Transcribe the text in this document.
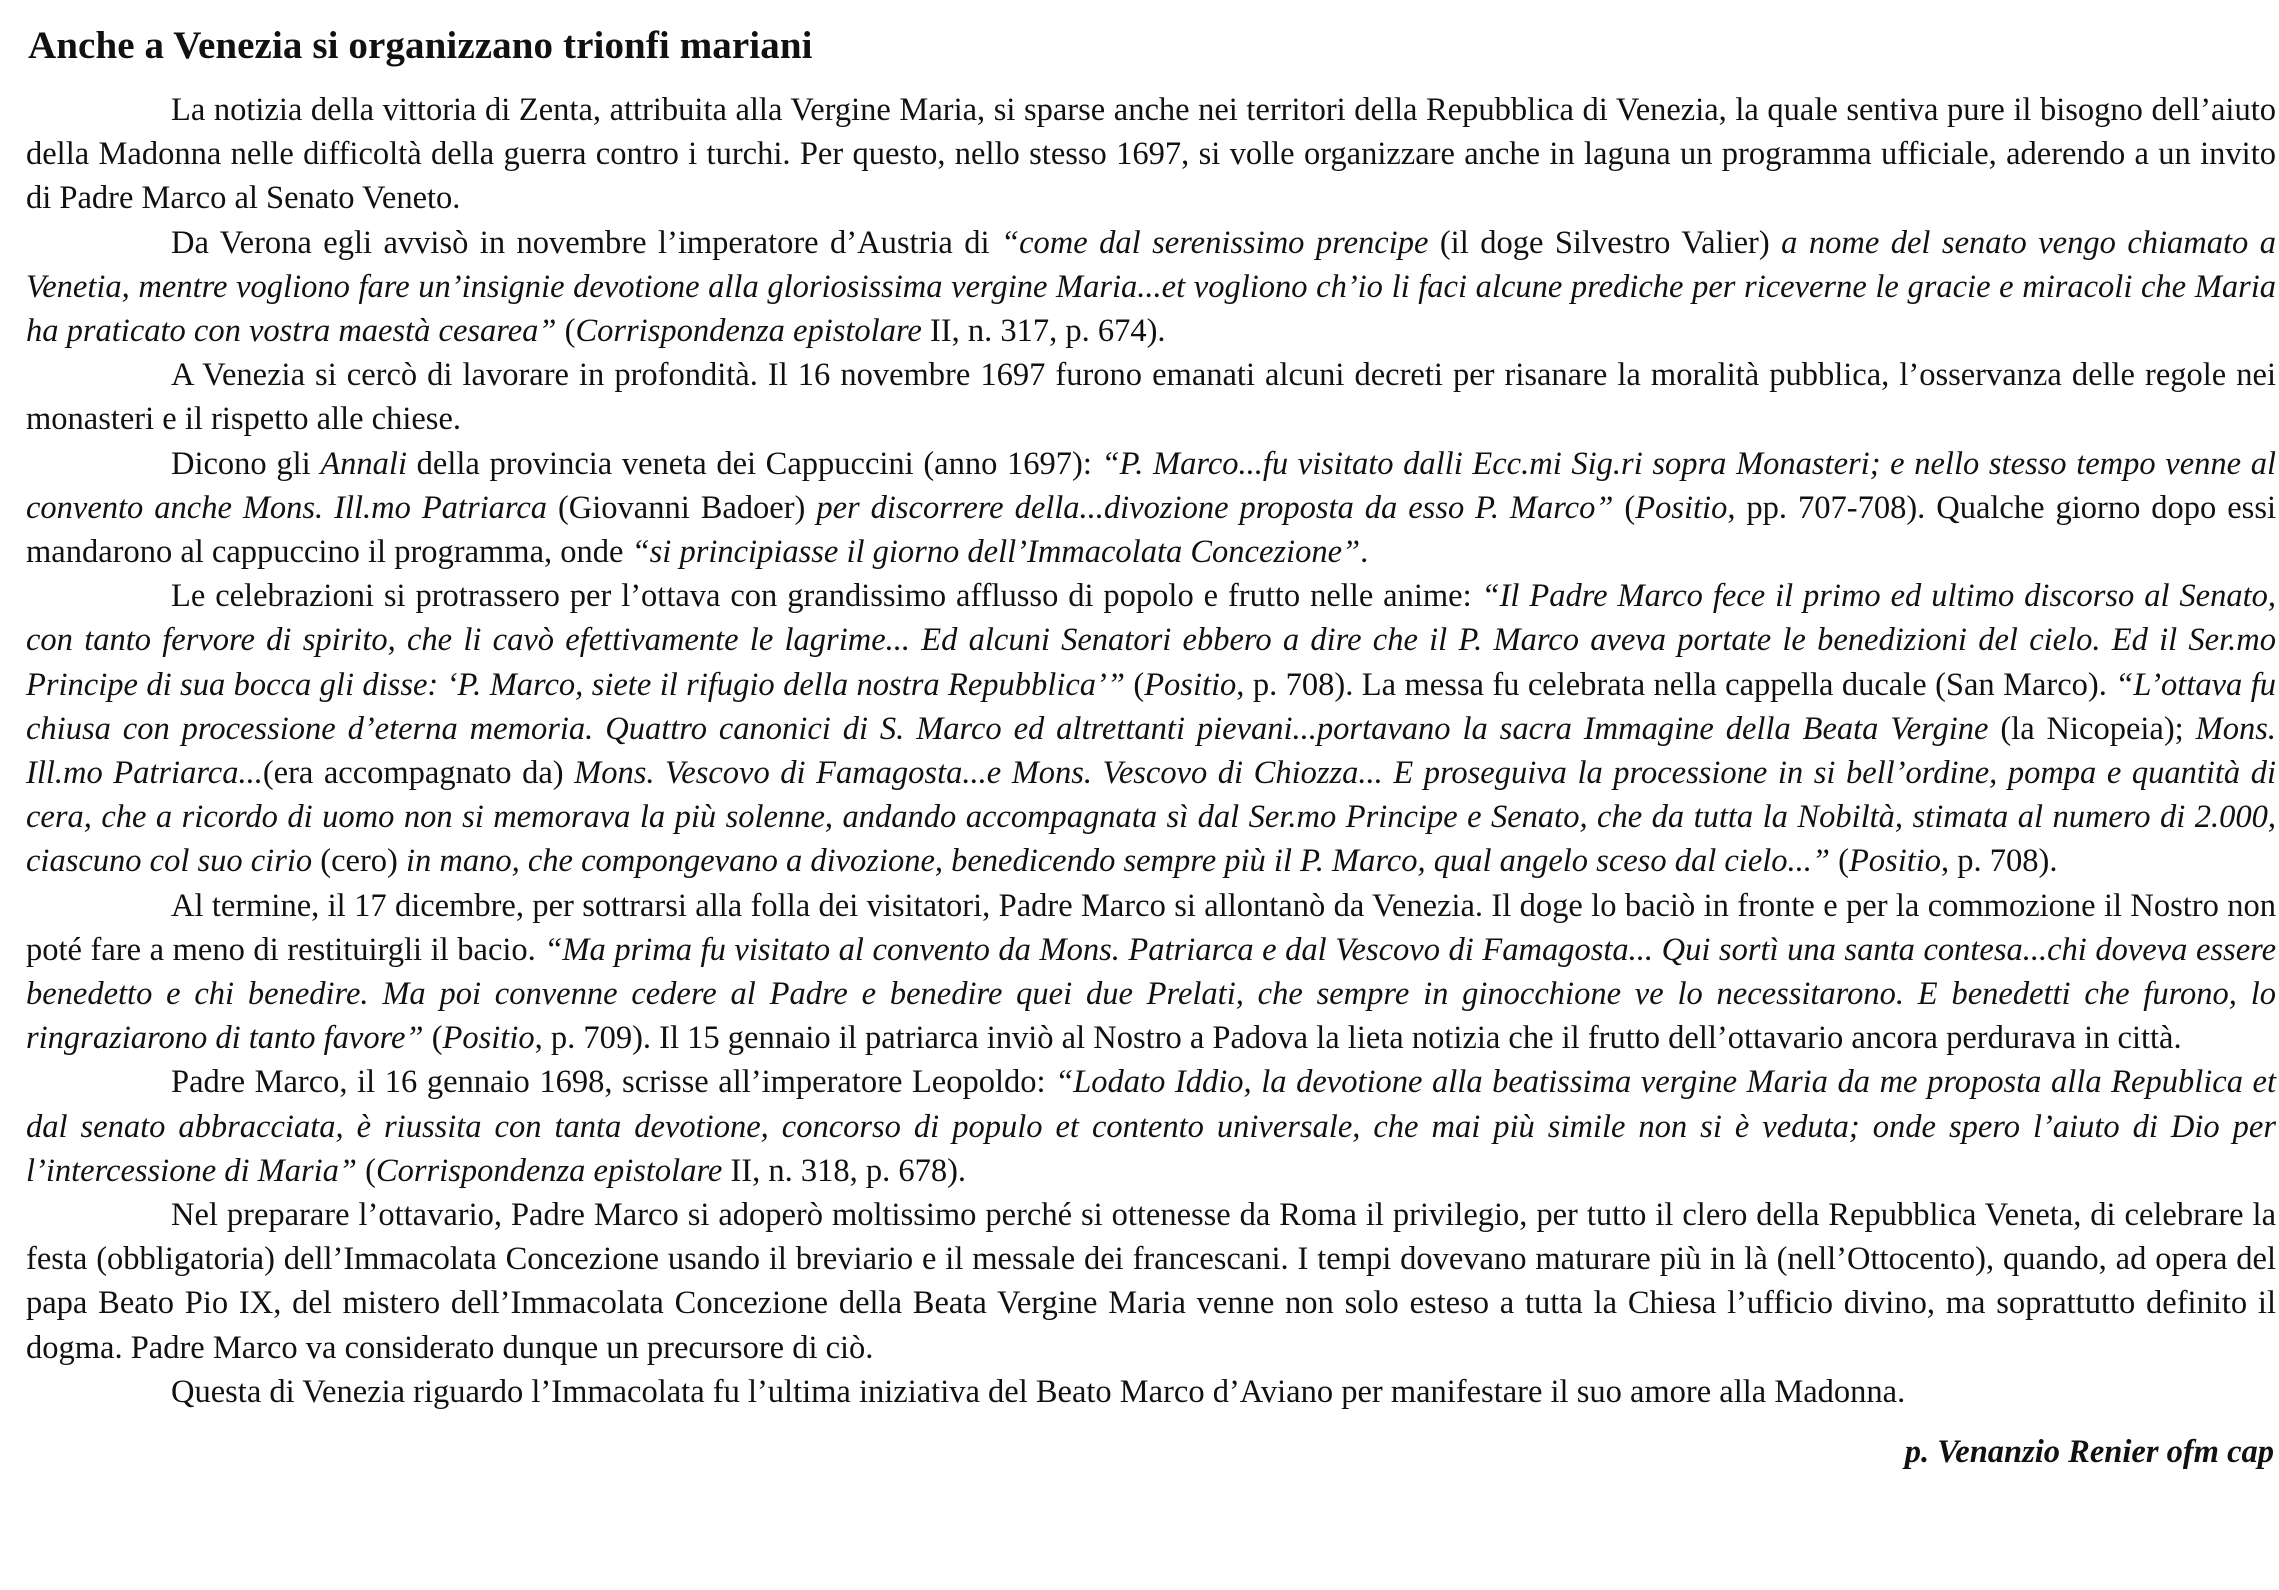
Anche a Venezia si organizzano trionfi mariani

La notizia della vittoria di Zenta, attribuita alla Vergine Maria, si sparse anche nei territori della Repubblica di Venezia, la quale sentiva pure il bisogno dell’aiuto della Madonna nelle difficoltà della guerra contro i turchi. Per questo, nello stesso 1697, si volle organizzare anche in laguna un programma ufficiale, aderendo a un invito di Padre Marco al Senato Veneto.

Da Verona egli avvisò in novembre l’imperatore d’Austria di “come dal serenissimo prencipe (il doge Silvestro Valier) a nome del senato vengo chiamato a Venetia, mentre vogliono fare un’insignie devotione alla gloriosissima vergine Maria...et vogliono ch’io li faci alcune prediche per riceverne le gracie e miracoli che Maria ha praticato con vostra maestà cesarea” (Corrispondenza epistolare II, n. 317, p. 674).

A Venezia si cercò di lavorare in profondità. Il 16 novembre 1697 furono emanati alcuni decreti per risanare la moralità pubblica, l’osservanza delle regole nei monasteri e il rispetto alle chiese.

Dicono gli Annali della provincia veneta dei Cappuccini (anno 1697): “P. Marco...fu visitato dalli Ecc.mi Sig.ri sopra Monasteri; e nello stesso tempo venne al convento anche Mons. Ill.mo Patriarca (Giovanni Badoer) per discorrere della...divozione proposta da esso P. Marco” (Positio, pp. 707-708). Qualche giorno dopo essi mandarono al cappuccino il programma, onde “si principiasse il giorno dell’Immacolata Concezione”.

Le celebrazioni si protrassero per l’ottava con grandissimo afflusso di popolo e frutto nelle anime: “Il Padre Marco fece il primo ed ultimo discorso al Senato, con tanto fervore di spirito, che li cavò efettivamente le lagrime... Ed alcuni Senatori ebbero a dire che il P. Marco aveva portate le benedizioni del cielo. Ed il Ser.mo Principe di sua bocca gli disse: ‘P. Marco, siete il rifugio della nostra Repubblica’” (Positio, p. 708). La messa fu celebrata nella cappella ducale (San Marco). “L’ottava fu chiusa con processione d’eterna memoria. Quattro canonici di S. Marco ed altrettanti pievani...portavano la sacra Immagine della Beata Vergine (la Nicopeia); Mons. Ill.mo Patriarca...(era accompagnato da) Mons. Vescovo di Famagosta...e Mons. Vescovo di Chiozza... E proseguiva la processione in si bell’ordine, pompa e quantità di cera, che a ricordo di uomo non si memorava la più solenne, andando accompagnata sì dal Ser.mo Principe e Senato, che da tutta la Nobiltà, stimata al numero di 2.000, ciascuno col suo cirio (cero) in mano, che compongevano a divozione, benedicendo sempre più il P. Marco, qual angelo sceso dal cielo...” (Positio, p. 708).

Al termine, il 17 dicembre, per sottrarsi alla folla dei visitatori, Padre Marco si allontanò da Venezia. Il doge lo baciò in fronte e per la commozione il Nostro non poté fare a meno di restituirgli il bacio. “Ma prima fu visitato al convento da Mons. Patriarca e dal Vescovo di Famagosta... Qui sortì una santa contesa...chi doveva essere benedetto e chi benedire. Ma poi convenne cedere al Padre e benedire quei due Prelati, che sempre in ginocchione ve lo necessitarono. E benedetti che furono, lo ringraziarono di tanto favore” (Positio, p. 709). Il 15 gennaio il patriarca inviò al Nostro a Padova la lieta notizia che il frutto dell’ottavario ancora perdurava in città.

Padre Marco, il 16 gennaio 1698, scrisse all’imperatore Leopoldo: “Lodato Iddio, la devotione alla beatissima vergine Maria da me proposta alla Republica et dal senato abbracciata, è riussita con tanta devotione, concorso di populo et contento universale, che mai più simile non si è veduta; onde spero l’aiuto di Dio per l’intercessione di Maria” (Corrispondenza epistolare II, n. 318, p. 678).

Nel preparare l’ottavario, Padre Marco si adoperò moltissimo perché si ottenesse da Roma il privilegio, per tutto il clero della Repubblica Veneta, di celebrare la festa (obbligatoria) dell’Immacolata Concezione usando il breviario e il messale dei francescani. I tempi dovevano maturare più in là (nell’Ottocento), quando, ad opera del papa Beato Pio IX, del mistero dell’Immacolata Concezione della Beata Vergine Maria venne non solo esteso a tutta la Chiesa l’ufficio divino, ma soprattutto definito il dogma. Padre Marco va considerato dunque un precursore di ciò.

Questa di Venezia riguardo l’Immacolata fu l’ultima iniziativa del Beato Marco d’Aviano per manifestare il suo amore alla Madonna.

p. Venanzio Renier ofm cap
